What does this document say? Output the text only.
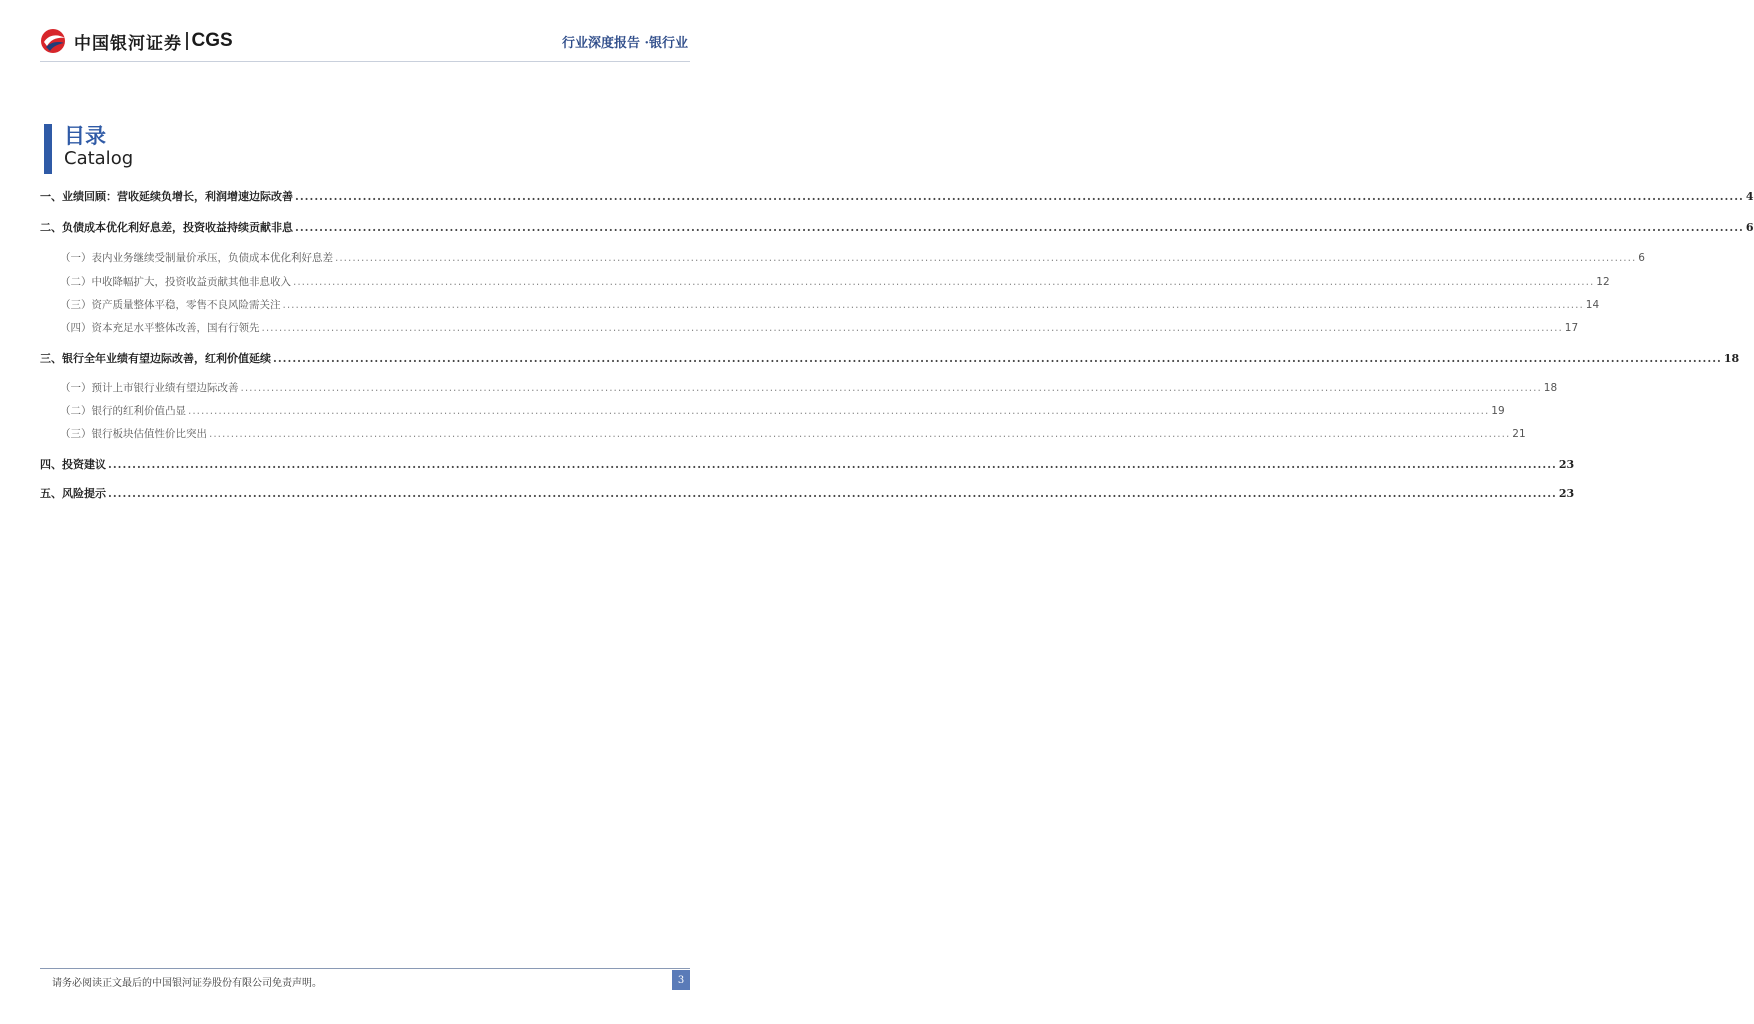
中国银河证券 CGS	行业深度报告 ·银行业
目录
Catalog
一、 业绩回顾：营收延续负增长，利润增速边际改善 ............................................................................................................................................................................................................................................................................................................ 4
二、 负债成本优化利好息差，投资收益持续贡献非息 ............................................................................................................................................................................................................................................................................................................ 6
（一） 表内业务继续受制量价承压，负债成本优化利好息差 ............................................................................................................................................................................................................................................................................................................ 6
（二） 中收降幅扩大，投资收益贡献其他非息收入 ............................................................................................................................................................................................................................................................................................................ 12
（三） 资产质量整体平稳，零售不良风险需关注 ............................................................................................................................................................................................................................................................................................................ 14
（四） 资本充足水平整体改善，国有行领先 ............................................................................................................................................................................................................................................................................................................ 17
三、 银行全年业绩有望边际改善，红利价值延续 ............................................................................................................................................................................................................................................................................................................ 18
（一） 预计上市银行业绩有望边际改善 ............................................................................................................................................................................................................................................................................................................ 18
（二） 银行的红利价值凸显 ............................................................................................................................................................................................................................................................................................................ 19
（三） 银行板块估值性价比突出 ............................................................................................................................................................................................................................................................................................................ 21
四、 投资建议 ............................................................................................................................................................................................................................................................................................................ 23
五、 风险提示 ............................................................................................................................................................................................................................................................................................................ 23
请务必阅读正文最后的中国银河证券股份有限公司免责声明。	3
